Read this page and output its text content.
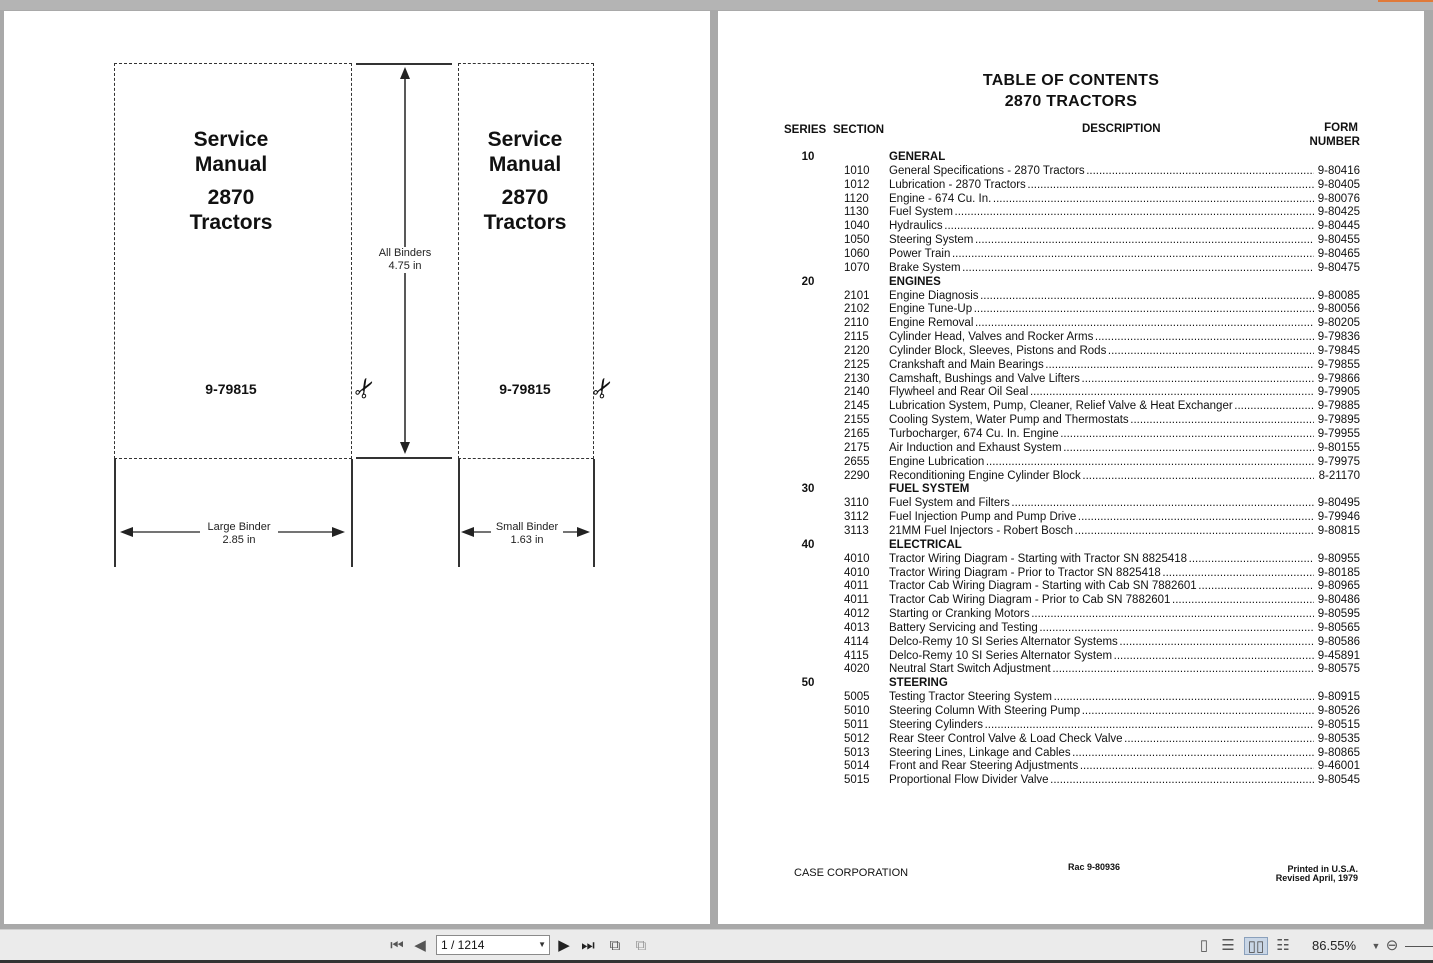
Service
Manual
2870
Tractors
9-79815
Service
Manual
2870
Tractors
9-79815
All Binders
4.75 in
Large Binder
2.85 in
Small Binder
1.63 in
✂	✂
TABLE OF CONTENTS
2870 TRACTORS
SERIES SECTION	DESCRIPTION	FORM
NUMBER
10	GENERAL
1010	General Specifications - 2870 Tractors . . .	9-80416
1012	Lubrication - 2870 Tractors . . .	9-80405
1120	Engine - 674 Cu. In. . . .	9-80076
1130	Fuel System . . .	9-80425
1040	Hydraulics . . .	9-80445
1050	Steering System . . .	9-80455
1060	Power Train . . .	9-80465
1070	Brake System . . .	9-80475
20	ENGINES
2101	Engine Diagnosis . . .	9-80085
2102	Engine Tune-Up . . .	9-80056
2110	Engine Removal . . .	9-80205
2115	Cylinder Head, Valves and Rocker Arms . . .	9-79836
2120	Cylinder Block, Sleeves, Pistons and Rods . . .	9-79845
2125	Crankshaft and Main Bearings . . .	9-79855
2130	Camshaft, Bushings and Valve Lifters . . .	9-79866
2140	Flywheel and Rear Oil Seal . . .	9-79905
2145	Lubrication System, Pump, Cleaner, Relief Valve & Heat Exchanger . . .	9-79885
2155	Cooling System, Water Pump and Thermostats . . .	9-79895
2165	Turbocharger, 674 Cu. In. Engine . . .	9-79955
2175	Air Induction and Exhaust System . . .	9-80155
2655	Engine Lubrication . . .	9-79975
2290	Reconditioning Engine Cylinder Block . . .	8-21170
30	FUEL SYSTEM
3110	Fuel System and Filters . . .	9-80495
3112	Fuel Injection Pump and Pump Drive . . .	9-79946
3113	21MM Fuel Injectors - Robert Bosch . . .	9-80815
40	ELECTRICAL
4010	Tractor Wiring Diagram - Starting with Tractor SN 8825418 . . .	9-80955
4010	Tractor Wiring Diagram - Prior to Tractor SN 8825418 . . .	9-80185
4011	Tractor Cab Wiring Diagram - Starting with Cab SN 7882601 . . .	9-80965
4011	Tractor Cab Wiring Diagram - Prior to Cab SN 7882601 . . .	9-80486
4012	Starting or Cranking Motors . . .	9-80595
4013	Battery Servicing and Testing . . .	9-80565
4114	Delco-Remy 10 SI Series Alternator Systems . . .	9-80586
4115	Delco-Remy 10 SI Series Alternator System . . .	9-45891
4020	Neutral Start Switch Adjustment . . .	9-80575
50	STEERING
5005	Testing Tractor Steering System . . .	9-80915
5010	Steering Column With Steering Pump . . .	9-80526
5011	Steering Cylinders . . .	9-80515
5012	Rear Steer Control Valve & Load Check Valve . . .	9-80535
5013	Steering Lines, Linkage and Cables . . .	9-80865
5014	Front and Rear Steering Adjustments . . .	9-46001
5015	Proportional Flow Divider Valve . . .	9-80545
CASE CORPORATION	Rac 9-80936	Printed in U.S.A.
Revised April, 1979
⏮ ◀	1 / 1214	▼ ▶ ⏭ ⧉	⧉	▯ ☰ ▯▯ ☷ 86.55% ▼ ⊖
